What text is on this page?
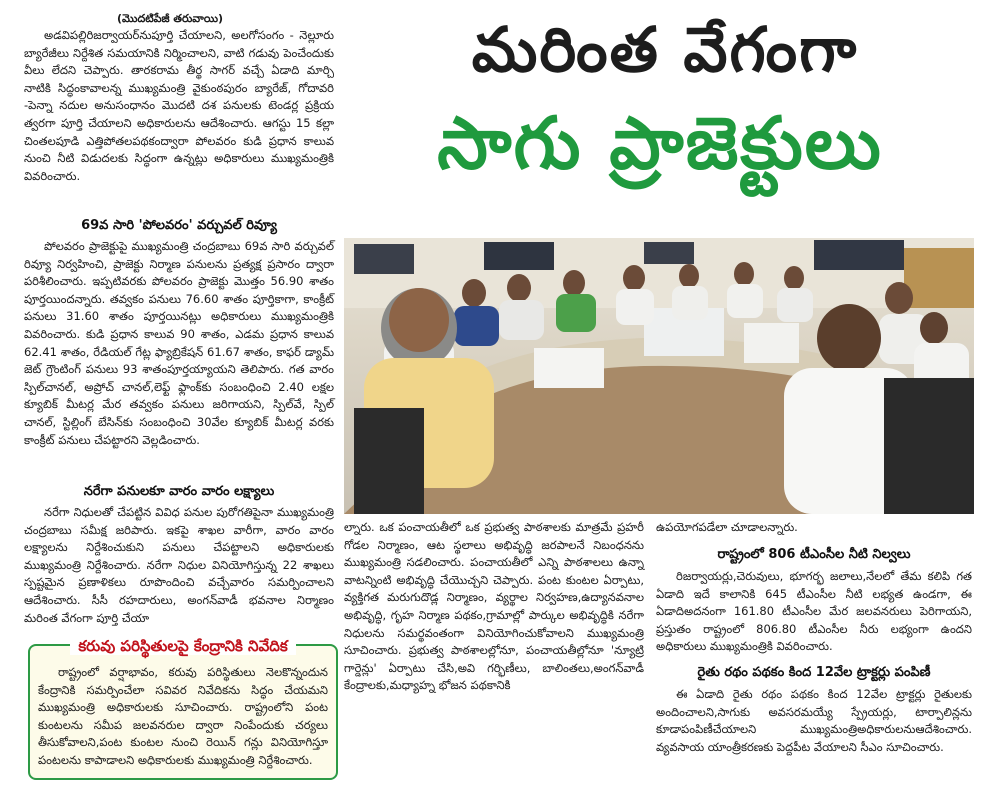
(మొదటిపేజీ తరువాయి)

అడవిపల్లిరిజర్వాయర్‌నుపూర్తి చేయాలని, అలగోసంగం - నెల్లూరు బ్యారేజీలు నిర్దేశిత సమయానికి నిర్మించాలని, వాటి గడువు పెంచేందుకు వీలు లేదని చెప్పారు. తారకరామ తీర్థ సాగర్ వచ్చే ఏడాది మార్చి నాటికి సిద్ధంకావాలన్న ముఖ్యమంత్రి వైకుంఠపురం బ్యారేజ్, గోదావరి -పెన్నా నదుల అనుసంధానం మొదటి దశ పనులకు టెండర్ల ప్రక్రియ త్వరగా పూర్తి చేయాలని అధికారులను ఆదేశించారు. ఆగస్టు 15 కల్లా చింతలపూడి ఎత్తిపోతలపథకంద్వారా పోలవరం కుడి ప్రధాన కాలువ నుంచి నీటి విడుదలకు సిద్ధంగా ఉన్నట్లు అధికారులు ముఖ్యమంత్రికి వివరించారు.

69వ సారి 'పోలవరం' వర్చువల్ రివ్యూ

పోలవరం ప్రాజెక్టుపై ముఖ్యమంత్రి చంద్రబాబు 69వ సారి వర్చువల్ రివ్యూ నిర్వహించి, ప్రాజెక్టు నిర్మాణ పనులను ప్రత్యక్ష ప్రసారం ద్వారా పరిశీలించారు. ఇప్పటివరకు పోలవరం ప్రాజెక్టు మొత్తం 56.90 శాతం పూర్తయిందన్నారు. తవ్వకం పనులు 76.60 శాతం పూర్తికాగా, కాంక్రీట్ పనులు 31.60 శాతం పూర్తయినట్లు అధికారులు ముఖ్యమంత్రికి వివరించారు. కుడి ప్రధాన కాలువ 90 శాతం, ఎడమ ప్రధాన కాలువ 62.41 శాతం, రేడియల్ గేట్ల ఫ్యాబ్రికేషన్ 61.67 శాతం, కాఫర్ డ్యామ్ జెట్ గ్రౌంటింగ్ పనులు 93 శాతంపూర్తయ్యాయని తెలిపారు. గత వారం స్పిల్‌చానల్, అప్రోచ్ చానల్,లెఫ్ట్ ఫ్లాంక్‌కు సంబంధించి 2.40 లక్షల క్యూబిక్ మీటర్ల మేర తవ్వకం పనులు జరిగాయని, స్పిల్‌వే, స్పిల్ చానల్, స్టిల్లింగ్ బేసిన్‌కు సంబంధించి 30వేల క్యూబిక్ మీటర్ల వరకు కాంక్రీట్ పనులు చేపట్టారని వెల్లడించారు.

నరేగా పనులకూ వారం వారం లక్ష్యాలు

నరేగా నిధులతో చేపట్టిన వివిధ పనుల పురోగతిపైనా ముఖ్యమంత్రి చంద్రబాబు సమీక్ష జరిపారు. ఇకపై శాఖల వారీగా, వారం వారం లక్ష్యాలను నిర్దేశించుకుని పనులు చేపట్టాలని అధికారులకు ముఖ్యమంత్రి నిర్దేశించారు. నరేగా నిధుల వినియోగిస్తున్న 22 శాఖలు స్పష్టమైన ప్రణాళికలు రూపొందించి వచ్చేవారం సమర్పించాలని ఆదేశించారు. సీసీ రహదారులు, అంగన్‌వాడీ భవనాల నిర్మాణం మరింత వేగంగా పూర్తి చేయా

మరింత వేగంగా
సాగు ప్రాజెక్టులు
కరువు పరిస్థితులపై కేంద్రానికి నివేదిక

రాష్ట్రంలో వర్షాభావం, కరువు పరిస్థితులు నెలకొన్నందున కేంద్రానికి సమర్పించేలా సవివర నివేదికను సిద్ధం చేయమని ముఖ్యమంత్రి అధికారులకు సూచించారు. రాష్ట్రంలోని పంట కుంటలను సమీప జలవనరుల ద్వారా నింపేందుకు చర్యలు తీసుకోవాలని,పంట కుంటల నుంచి రెయిన్ గన్లు వినియోగిస్తూ పంటలను కాపాడాలని అధికారులకు ముఖ్యమంత్రి నిర్దేశించారు.

ల్నారు. ఒక పంచాయతీలో ఒక ప్రభుత్వ పాఠశాలకు మాత్రమే ప్రహరీ గోడల నిర్మాణం, ఆట స్థలాలు అభివృద్ధి జరపాలనే నిబంధనను ముఖ్యమంత్రి సడలించారు. పంచాయతీలో ఎన్ని పాఠశాలలు ఉన్నా వాటన్నింటి అభివృద్ధి చేయొచ్చని చెప్పారు. పంట కుంటల ఏర్పాటు, వ్యక్తిగత మరుగుదొడ్ల నిర్మాణం, వ్యర్థాల నిర్వహణ,ఉద్యానవనాల అభివృద్ధి, గృహ నిర్మాణ పథకం,గ్రామాల్లో పార్కుల అభివృద్ధికి నరేగా నిధులను సమర్థవంతంగా వినియోగించుకోవాలని ముఖ్యమంత్రి సూచించారు. ప్రభుత్వ పాఠశాలల్లోనూ, పంచాయతీల్లోనూ 'న్యూట్రి గార్డెన్లు' ఏర్పాటు చేసి,అవి గర్భిణీలు, బాలింతలు,అంగన్‌వాడీ కేంద్రాలకు,మధ్యాహ్న భోజన పథకానికి

ఉపయోగపడేలా చూడాలన్నారు.

రాష్ట్రంలో 806 టీఎంసీల నీటి నిల్వలు

రిజర్వాయర్లు,చెరువులు, భూగర్భ జలాలు,నేలలో తేమ కలిపి గత ఏడాది ఇదే కాలానికి 645 టీఎంసీల నీటి లభ్యత ఉండగా, ఈ ఏడాదిఅదనంగా 161.80 టీఎంసీల మేర జలవనరులు పెరిగాయని, ప్రస్తుతం రాష్ట్రంలో 806.80 టీఎంసీల నీరు లభ్యంగా ఉందని అధికారులు ముఖ్యమంత్రికి వివరించారు.

రైతు రథం పథకం కింద 12వేల ట్రాక్టర్లు పంపిణీ

ఈ ఏడాది రైతు రథం పథకం కింద 12వేల ట్రాక్టర్లు రైతులకు అందించాలని,సాగుకు అవసరమయ్యే స్ప్రేయర్లు, టార్పాలిన్లను కూడాపంపిణీచేయాలని ముఖ్యమంత్రిఅధికారులనుఆదేశించారు. వ్యవసాయ యాంత్రీకరణకు పెద్దపీట వేయాలని సీఎం సూచించారు.
